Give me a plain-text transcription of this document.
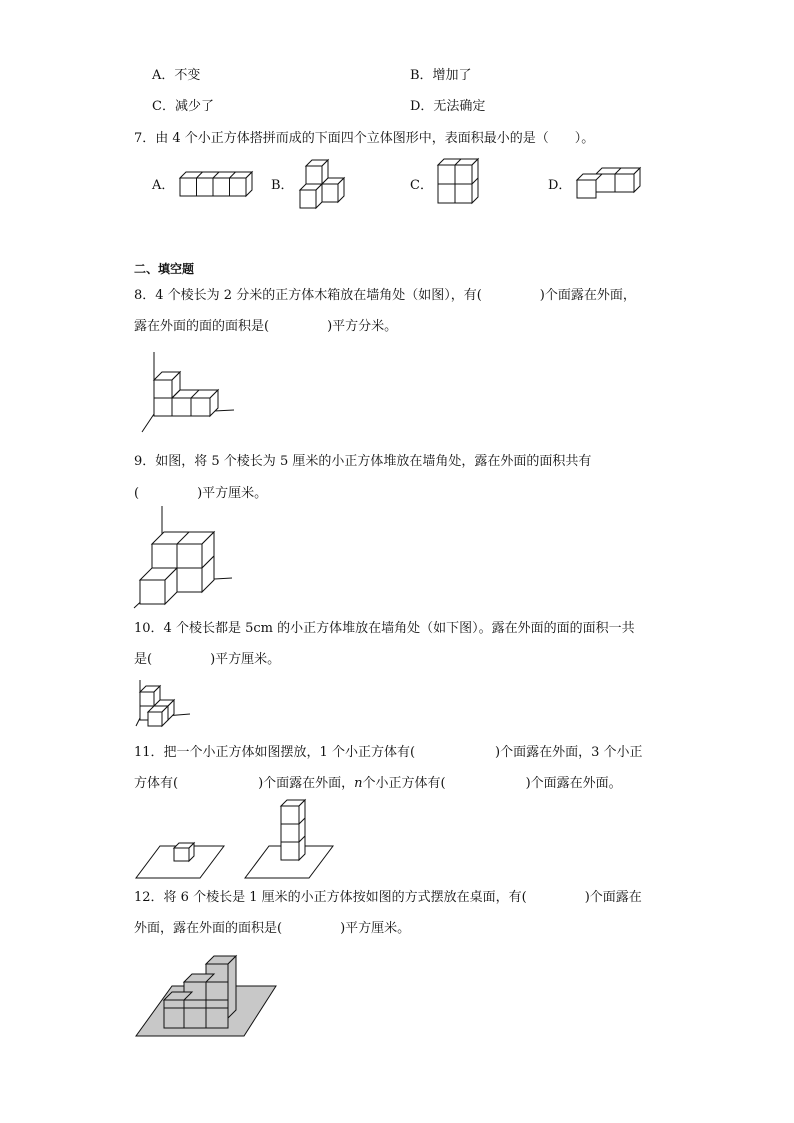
A．不变	B．增加了
C．减少了	D．无法确定
7．由 4 个小正方体搭拼而成的下面四个立体图形中，表面积最小的是（　　）。
A．	B．	C．	D．
二、填空题
8．4 个棱长为 2 分米的正方体木箱放在墙角处（如图），有(	)个面露在外面，
露在外面的面的面积是(	)平方分米。
9．如图，将 5 个棱长为 5 厘米的小正方体堆放在墙角处，露在外面的面积共有
(	)平方厘米。
10．4 个棱长都是 5cm 的小正方体堆放在墙角处（如下图）。露在外面的面的面积一共
是(	)平方厘米。
11．把一个小正方体如图摆放，1 个小正方体有(	)个面露在外面，3 个小正
方体有(	)个面露在外面，n个小正方体有(	)个面露在外面。
12．将 6 个棱长是 1 厘米的小正方体按如图的方式摆放在桌面，有(	)个面露在
外面，露在外面的面积是(	)平方厘米。
